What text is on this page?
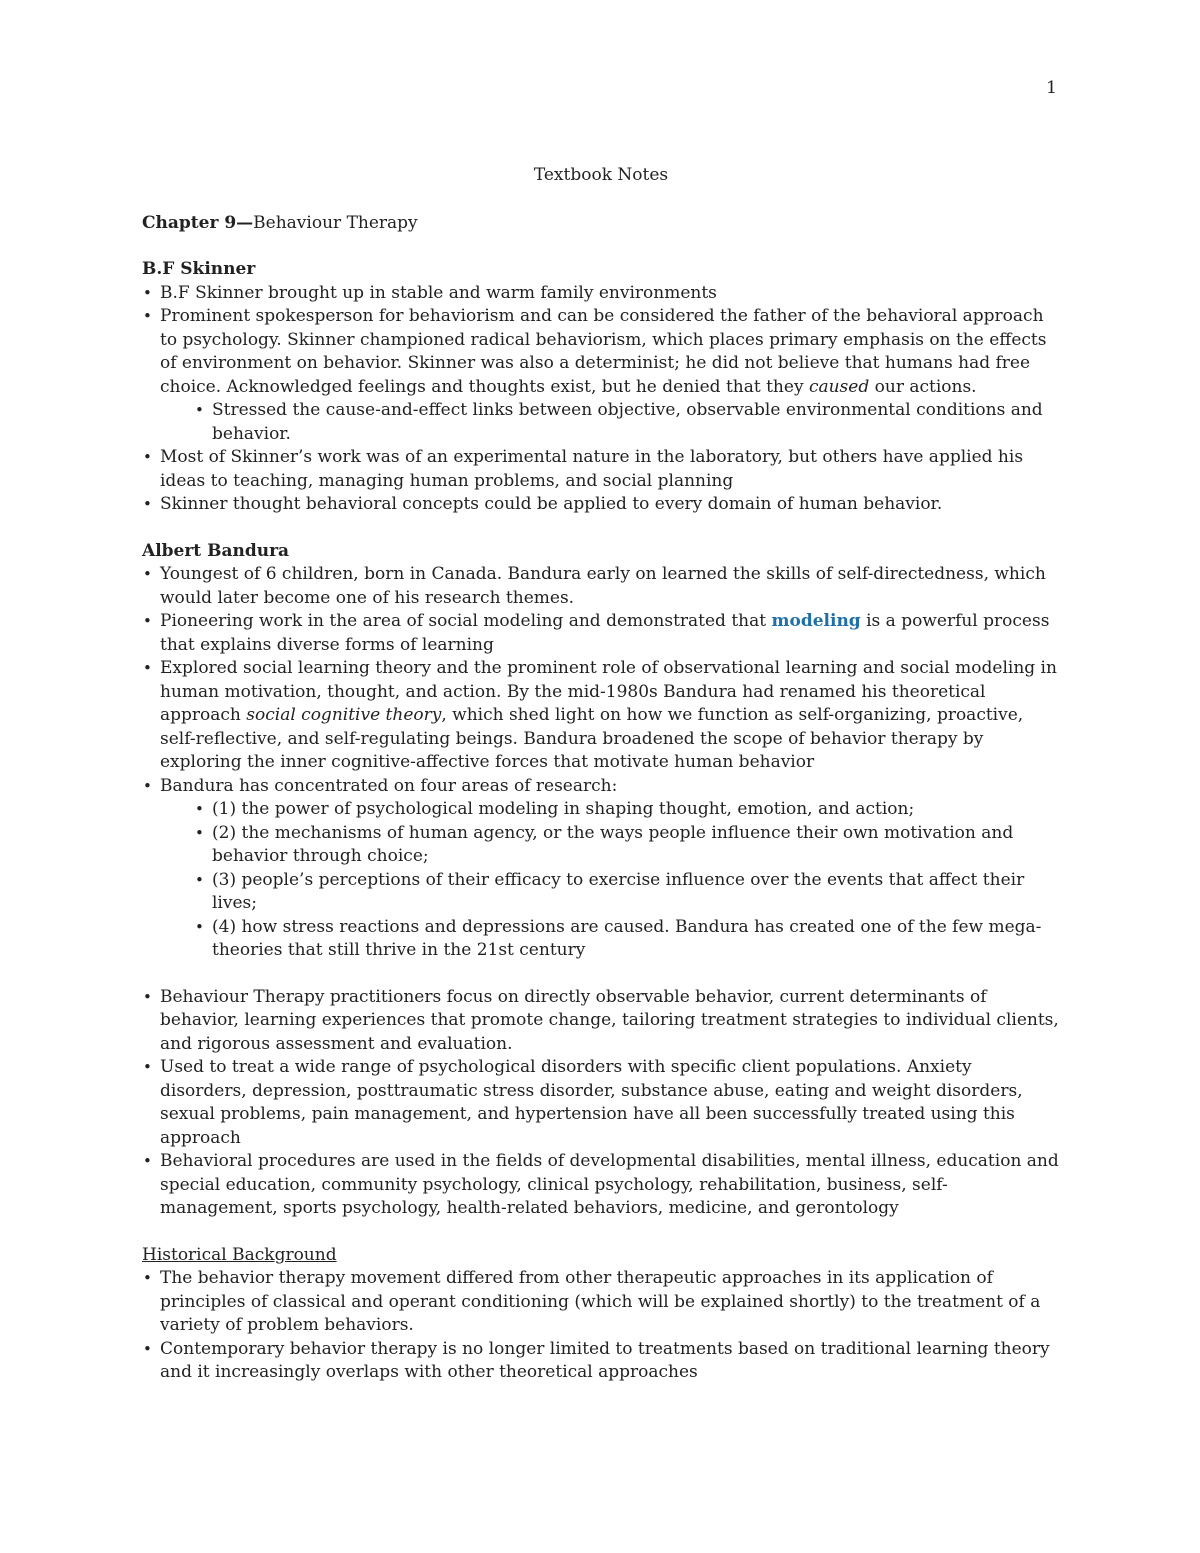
1
Textbook Notes
Chapter 9—Behaviour Therapy
B.F Skinner
• B.F Skinner brought up in stable and warm family environments
• Prominent spokesperson for behaviorism and can be considered the father of the behavioral approach to psychology. Skinner championed radical behaviorism, which places primary emphasis on the effects of environment on behavior. Skinner was also a determinist; he did not believe that humans had free choice. Acknowledged feelings and thoughts exist, but he denied that they caused our actions.
• Stressed the cause-and-effect links between objective, observable environmental conditions and behavior.
• Most of Skinner’s work was of an experimental nature in the laboratory, but others have applied his ideas to teaching, managing human problems, and social planning
• Skinner thought behavioral concepts could be applied to every domain of human behavior.
Albert Bandura
• Youngest of 6 children, born in Canada. Bandura early on learned the skills of self-directedness, which would later become one of his research themes.
• Pioneering work in the area of social modeling and demonstrated that modeling is a powerful process that explains diverse forms of learning
• Explored social learning theory and the prominent role of observational learning and social modeling in human motivation, thought, and action. By the mid-1980s Bandura had renamed his theoretical approach social cognitive theory, which shed light on how we function as self-organizing, proactive, self-reflective, and self-regulating beings. Bandura broadened the scope of behavior therapy by exploring the inner cognitive-affective forces that motivate human behavior
• Bandura has concentrated on four areas of research:
• (1) the power of psychological modeling in shaping thought, emotion, and action;
• (2) the mechanisms of human agency, or the ways people influence their own motivation and behavior through choice;
• (3) people’s perceptions of their efficacy to exercise influence over the events that affect their lives;
• (4) how stress reactions and depressions are caused. Bandura has created one of the few mega-theories that still thrive in the 21st century
• Behaviour Therapy practitioners focus on directly observable behavior, current determinants of behavior, learning experiences that promote change, tailoring treatment strategies to individual clients, and rigorous assessment and evaluation.
• Used to treat a wide range of psychological disorders with specific client populations. Anxiety disorders, depression, posttraumatic stress disorder, substance abuse, eating and weight disorders, sexual problems, pain management, and hypertension have all been successfully treated using this approach
• Behavioral procedures are used in the fields of developmental disabilities, mental illness, education and special education, community psychology, clinical psychology, rehabilitation, business, self-management, sports psychology, health-related behaviors, medicine, and gerontology
Historical Background
• The behavior therapy movement differed from other therapeutic approaches in its application of principles of classical and operant conditioning (which will be explained shortly) to the treatment of a variety of problem behaviors.
• Contemporary behavior therapy is no longer limited to treatments based on traditional learning theory and it increasingly overlaps with other theoretical approaches
